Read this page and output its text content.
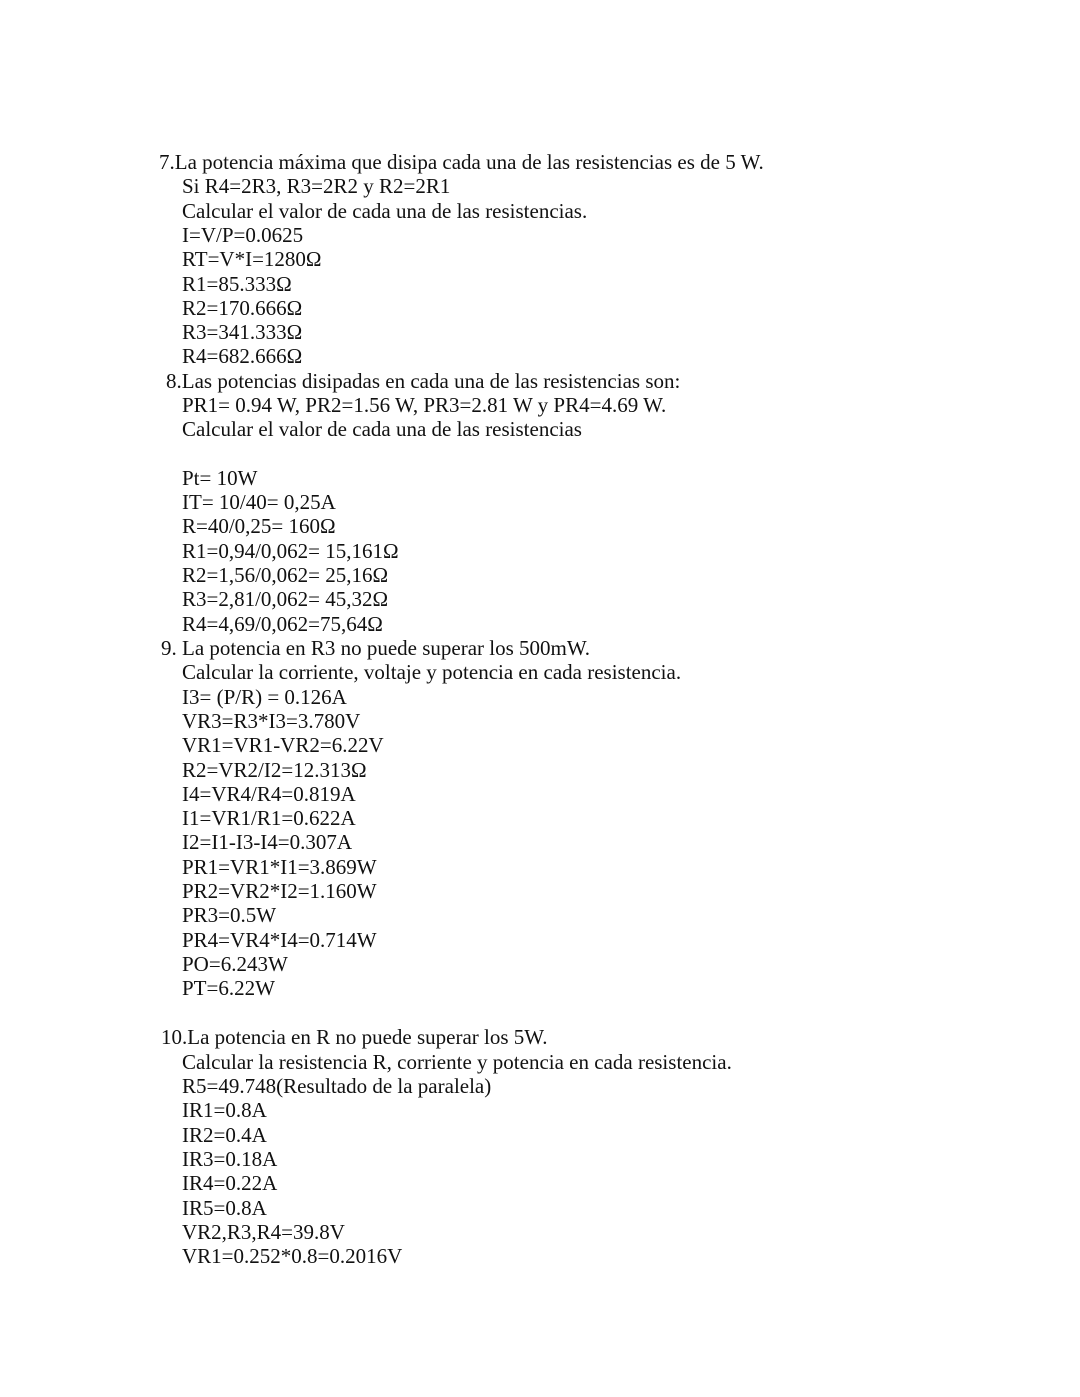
7.La potencia máxima que disipa cada una de las resistencias es de 5 W.
Si R4=2R3, R3=2R2 y R2=2R1
Calcular el valor de cada una de las resistencias.
I=V/P=0.0625
RT=V*I=1280Ω
R1=85.333Ω
R2=170.666Ω
R3=341.333Ω
R4=682.666Ω
8.Las potencias disipadas en cada una de las resistencias son:
PR1= 0.94 W, PR2=1.56 W, PR3=2.81 W y PR4=4.69 W.
Calcular el valor de cada una de las resistencias
Pt= 10W
IT= 10/40= 0,25A
R=40/0,25= 160Ω
R1=0,94/0,062= 15,161Ω
R2=1,56/0,062= 25,16Ω
R3=2,81/0,062= 45,32Ω
R4=4,69/0,062=75,64Ω
9. La potencia en R3 no puede superar los 500mW.
Calcular la corriente, voltaje y potencia en cada resistencia.
I3= (P/R) = 0.126A
VR3=R3*I3=3.780V
VR1=VR1-VR2=6.22V
R2=VR2/I2=12.313Ω
I4=VR4/R4=0.819A
I1=VR1/R1=0.622A
I2=I1-I3-I4=0.307A
PR1=VR1*I1=3.869W
PR2=VR2*I2=1.160W
PR3=0.5W
PR4=VR4*I4=0.714W
PO=6.243W
PT=6.22W
10.La potencia en R no puede superar los 5W.
Calcular la resistencia R, corriente y potencia en cada resistencia.
R5=49.748(Resultado de la paralela)
IR1=0.8A
IR2=0.4A
IR3=0.18A
IR4=0.22A
IR5=0.8A
VR2,R3,R4=39.8V
VR1=0.252*0.8=0.2016V
